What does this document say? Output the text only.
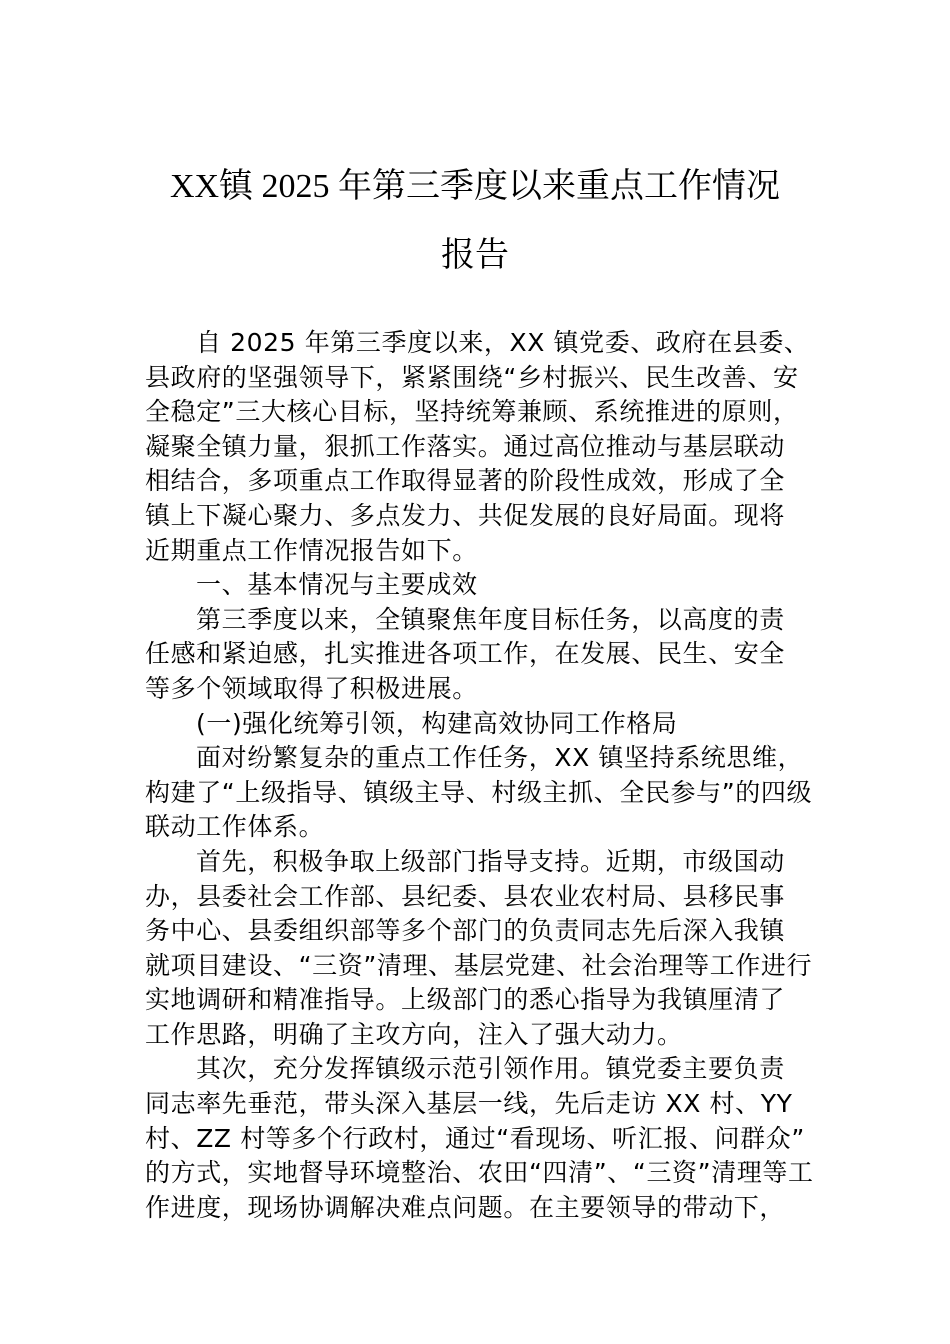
XX镇 2025 年第三季度以来重点工作情况
报告
自 2025 年第三季度以来，XX 镇党委、政府在县委、
县政府的坚强领导下，紧紧围绕“乡村振兴、民生改善、安
全稳定”三大核心目标，坚持统筹兼顾、系统推进的原则，
凝聚全镇力量，狠抓工作落实。通过高位推动与基层联动
相结合，多项重点工作取得显著的阶段性成效，形成了全
镇上下凝心聚力、多点发力、共促发展的良好局面。现将
近期重点工作情况报告如下。
一、基本情况与主要成效
第三季度以来，全镇聚焦年度目标任务，以高度的责
任感和紧迫感，扎实推进各项工作，在发展、民生、安全
等多个领域取得了积极进展。
(一)强化统筹引领，构建高效协同工作格局
面对纷繁复杂的重点工作任务，XX 镇坚持系统思维，
构建了“上级指导、镇级主导、村级主抓、全民参与”的四级
联动工作体系。
首先，积极争取上级部门指导支持。近期，市级国动
办，县委社会工作部、县纪委、县农业农村局、县移民事
务中心、县委组织部等多个部门的负责同志先后深入我镇
就项目建设、“三资”清理、基层党建、社会治理等工作进行
实地调研和精准指导。上级部门的悉心指导为我镇厘清了
工作思路，明确了主攻方向，注入了强大动力。
其次，充分发挥镇级示范引领作用。镇党委主要负责
同志率先垂范，带头深入基层一线，先后走访 XX 村、YY
村、ZZ 村等多个行政村，通过“看现场、听汇报、问群众”
的方式，实地督导环境整治、农田“四清”、“三资”清理等工
作进度，现场协调解决难点问题。在主要领导的带动下，
